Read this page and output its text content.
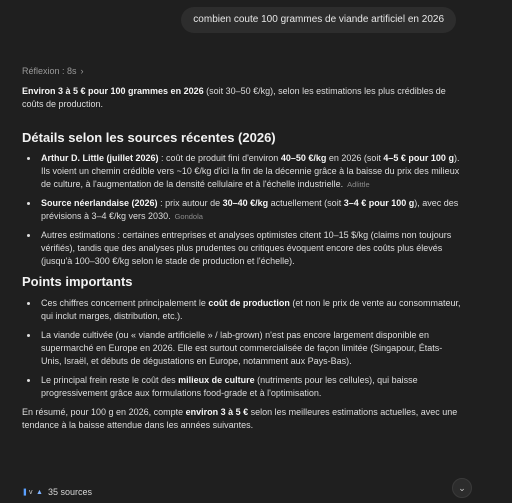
combien coute 100 grammes de viande artificiel en 2026
Réflexion : 8s ›

Environ 3 à 5 € pour 100 grammes en 2026 (soit 30–50 €/kg), selon les estimations les plus crédibles de coûts de production.

Détails selon les sources récentes (2026)
• Arthur D. Little (juillet 2026) : coût de produit fini d'environ 40–50 €/kg en 2026 (soit 4–5 € pour 100 g). Ils voient un chemin crédible vers ~10 €/kg d'ici la fin de la décennie grâce à la baisse du prix des milieux de culture, à l'augmentation de la densité cellulaire et à l'échelle industrielle. Adlittle
• Source néerlandaise (2026) : prix autour de 30–40 €/kg actuellement (soit 3–4 € pour 100 g), avec des prévisions à 3–4 €/kg vers 2030. Gondola
• Autres estimations : certaines entreprises et analyses optimistes citent 10–15 $/kg (claims non toujours vérifiés), tandis que des analyses plus prudentes ou critiques évoquent encore des coûts plus élevés (jusqu'à 100–300 €/kg selon le stade de production et l'échelle).
Points importants
• Ces chiffres concernent principalement le coût de production (et non le prix de vente au consommateur, qui inclut marges, distribution, etc.).
• La viande cultivée (ou « viande artificielle » / lab-grown) n'est pas encore largement disponible en supermarché en Europe en 2026. Elle est surtout commercialisée de façon limitée (Singapour, États-Unis, Israël, et débuts de dégustations en Europe, notamment aux Pays-Bas).
• Le principal frein reste le coût des milieux de culture (nutriments pour les cellules), qui baisse progressivement grâce aux formulations food-grade et à l'optimisation.

En résumé, pour 100 g en 2026, compte environ 3 à 5 € selon les meilleures estimations actuelles, avec une tendance à la baisse attendue dans les années suivantes.

❚ v ▲ 35 sources	⌄
